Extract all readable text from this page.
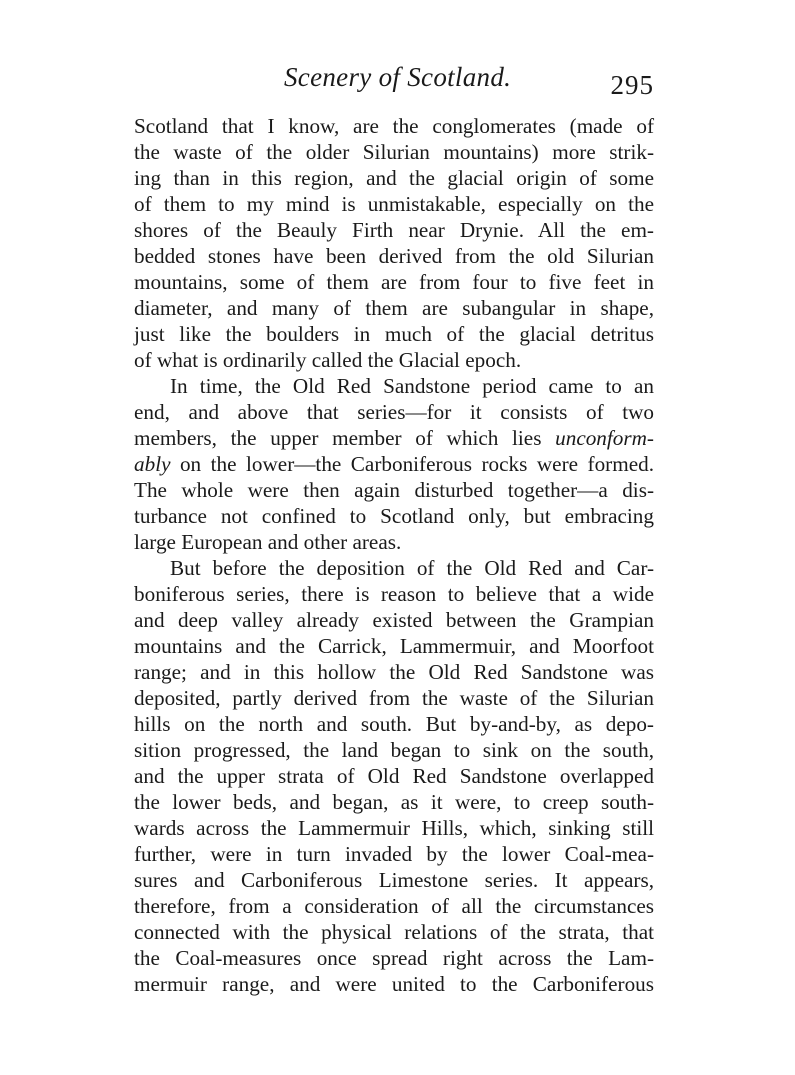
Scenery of Scotland.	295
Scotland that I know, are the conglomerates (made of
the waste of the older Silurian mountains) more strik-
ing than in this region, and the glacial origin of some
of them to my mind is unmistakable, especially on the
shores of the Beauly Firth near Drynie. All the em-
bedded stones have been derived from the old Silurian
mountains, some of them are from four to five feet in
diameter, and many of them are subangular in shape,
just like the boulders in much of the glacial detritus
of what is ordinarily called the Glacial epoch.
In time, the Old Red Sandstone period came to an
end, and above that series—for it consists of two
members, the upper member of which lies unconform-
ably on the lower—the Carboniferous rocks were formed.
The whole were then again disturbed together—a dis-
turbance not confined to Scotland only, but embracing
large European and other areas.
But before the deposition of the Old Red and Car-
boniferous series, there is reason to believe that a wide
and deep valley already existed between the Grampian
mountains and the Carrick, Lammermuir, and Moorfoot
range; and in this hollow the Old Red Sandstone was
deposited, partly derived from the waste of the Silurian
hills on the north and south. But by-and-by, as depo-
sition progressed, the land began to sink on the south,
and the upper strata of Old Red Sandstone overlapped
the lower beds, and began, as it were, to creep south-
wards across the Lammermuir Hills, which, sinking still
further, were in turn invaded by the lower Coal-mea-
sures and Carboniferous Limestone series. It appears,
therefore, from a consideration of all the circumstances
connected with the physical relations of the strata, that
the Coal-measures once spread right across the Lam-
mermuir range, and were united to the Carboniferous
